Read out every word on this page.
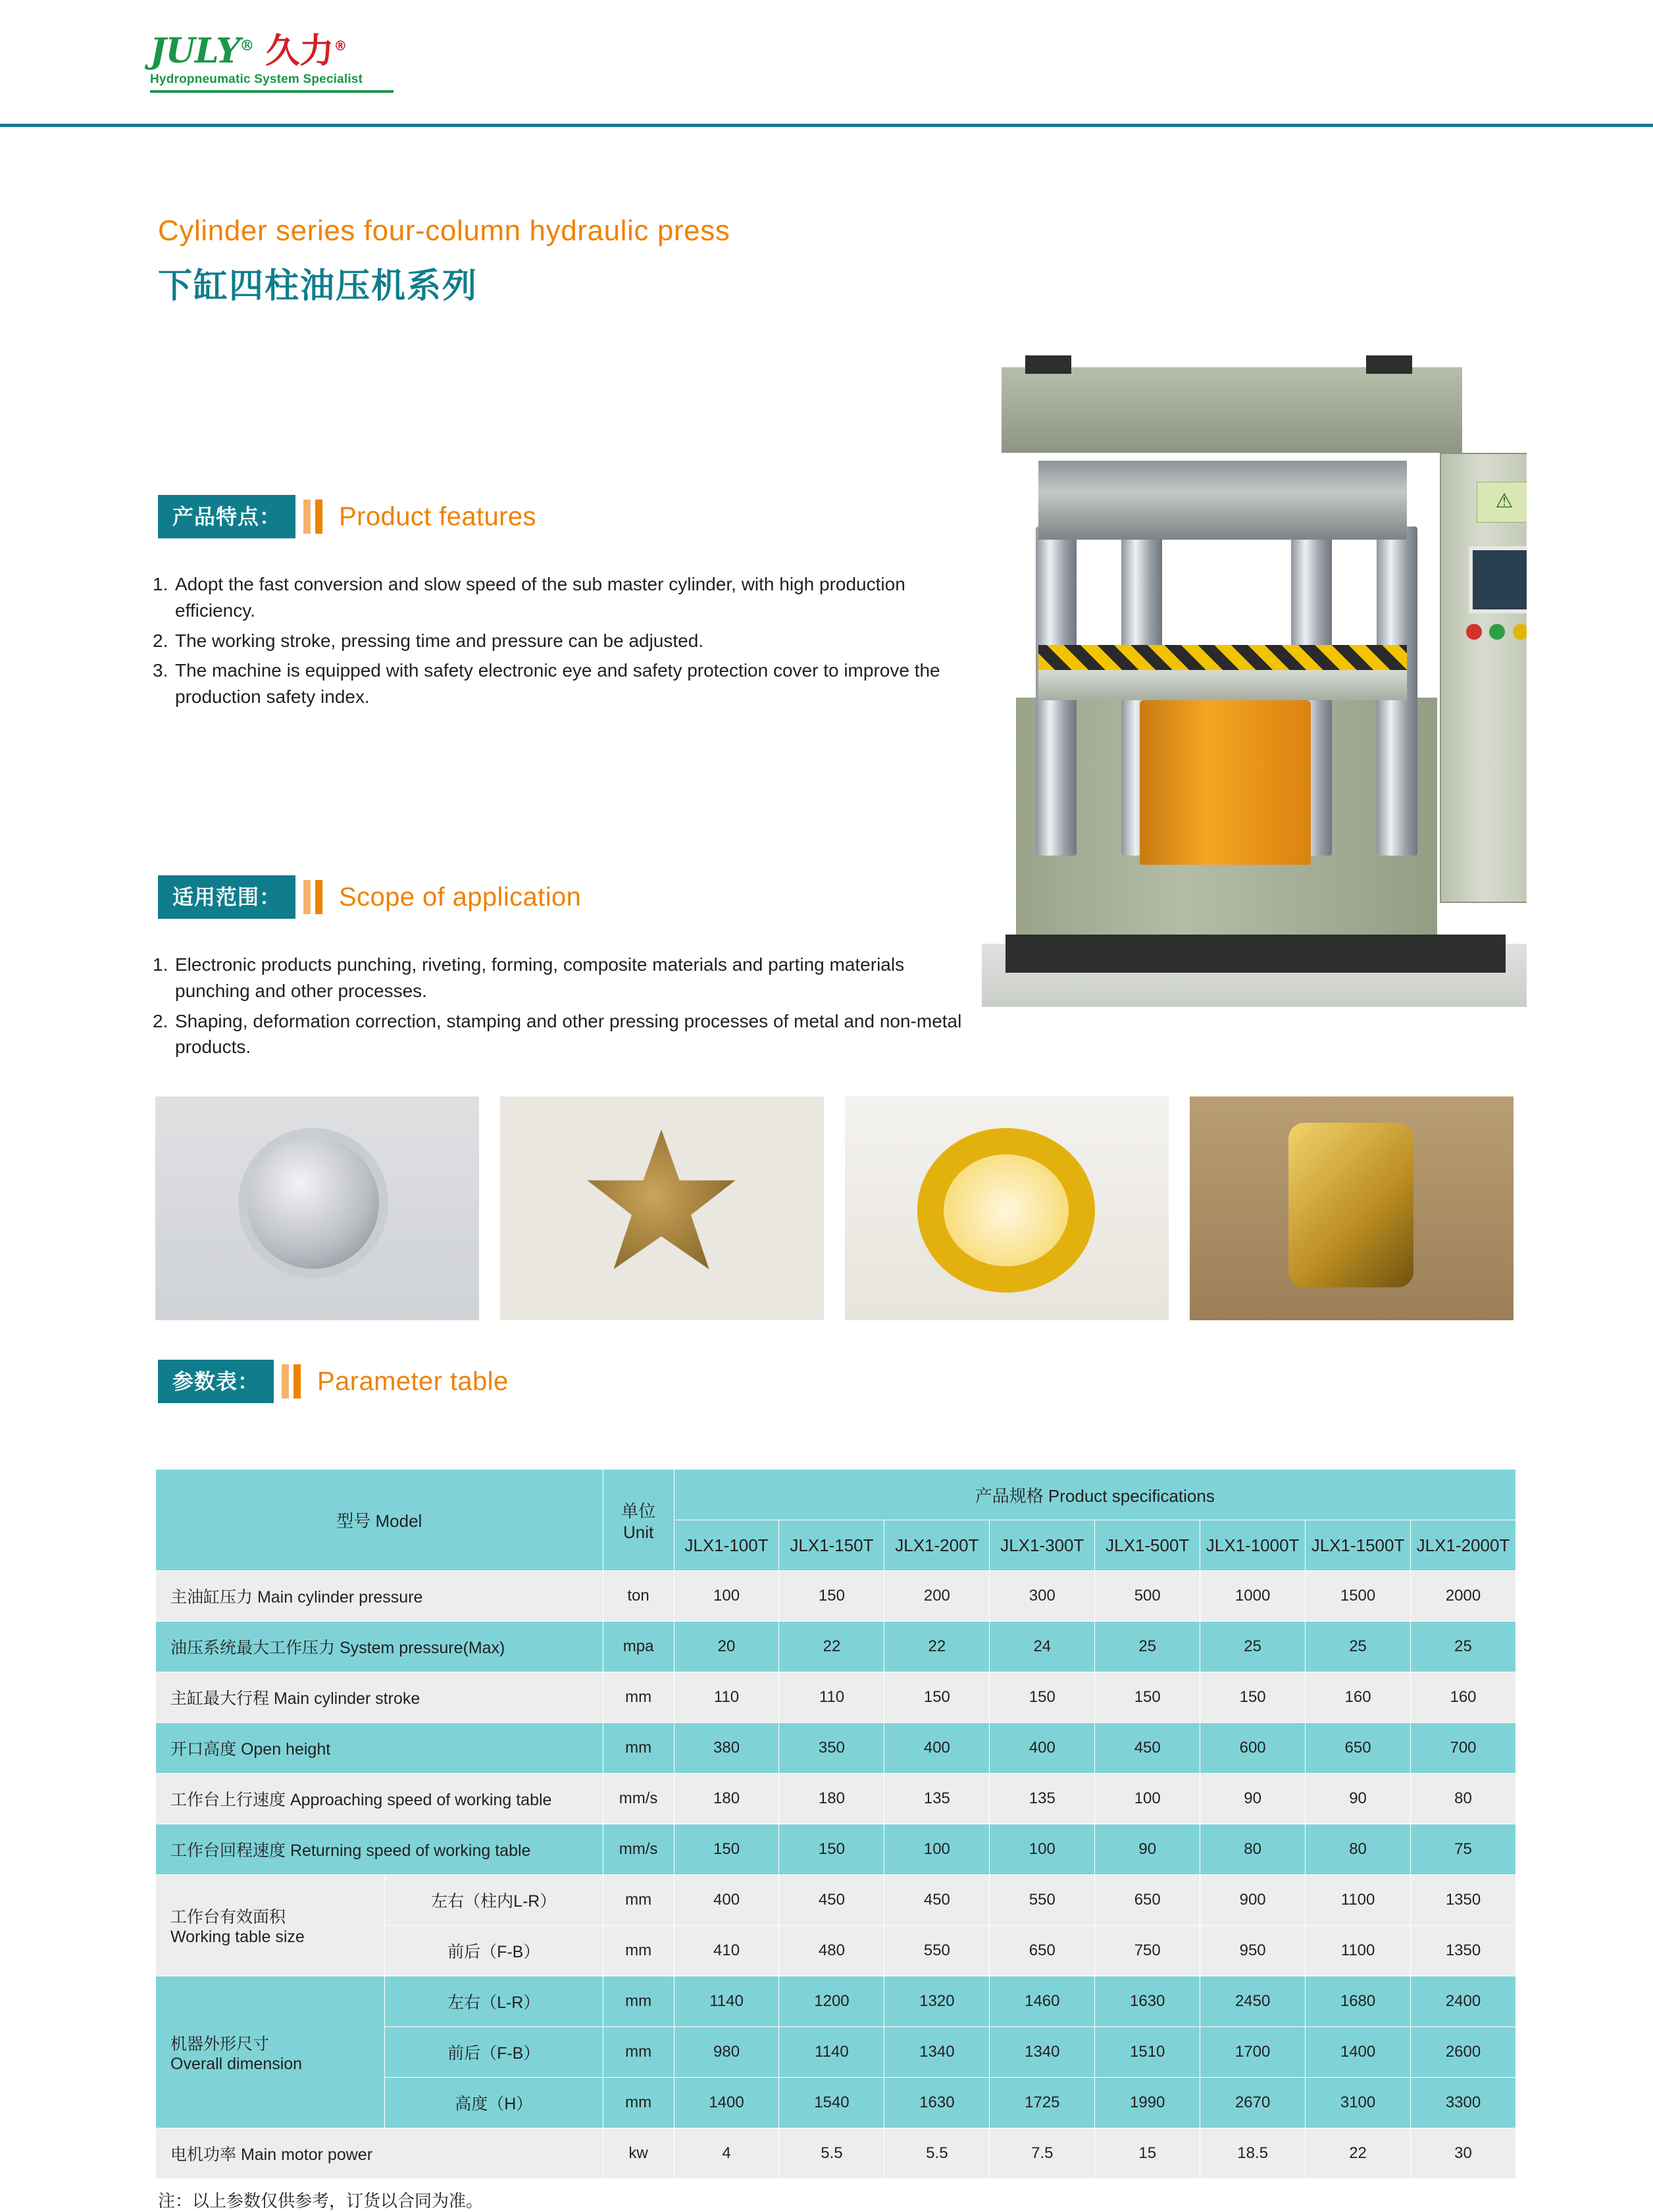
JULY® 久力®
Hydropneumatic System Specialist
Cylinder series four-column hydraulic press
下缸四柱油压机系列
产品特点：	Product features

1. Adopt the fast conversion and slow speed of the sub master cylinder, with high production efficiency.

2. The working stroke, pressing time and pressure can be adjusted.

3. The machine is equipped with safety electronic eye and safety protection cover to improve the production safety index.

适用范围：	Scope of application

1. Electronic products punching, riveting, forming, composite materials and parting materials punching and other processes.

2. Shaping, deformation correction, stamping and other pressing processes of metal and non-metal products.

⚠
参数表：	Parameter table
型号 Model		单位
Unit	产品规格 Product specifications							
			JLX1-100T	JLX1-150T	JLX1-200T	JLX1-300T	JLX1-500T	JLX1-1000T	JLX1-1500T	JLX1-2000T
主油缸压力 Main cylinder pressure		ton	100	150	200	300	500	1000	1500	2000
油压系统最大工作压力 System pressure(Max)		mpa	20	22	22	24	25	25	25	25
主缸最大行程 Main cylinder stroke		mm	110	110	150	150	150	150	160	160
开口高度 Open height		mm	380	350	400	400	450	600	650	700
工作台上行速度 Approaching speed of working table		mm/s	180	180	135	135	100	90	90	80
工作台回程速度 Returning speed of working table		mm/s	150	150	100	100	90	80	80	75

工作台有效面积
Working table size	左右（柱内L-R）	mm	400	450	450	550	650	900	1100	1350
	前后（F-B）	mm	410	480	550	650	750	950	1100	1350

机器外形尺寸
Overall dimension	左右（L-R）	mm	1140	1200	1320	1460	1630	2450	1680	2400
	前后（F-B）	mm	980	1140	1340	1340	1510	1700	1400	2600
	高度（H）	mm	1400	1540	1630	1725	1990	2670	3100	3300
电机功率 Main motor power		kw	4	5.5	5.5	7.5	15	18.5	22	30
注：以上参数仅供参考，订货以合同为准。
